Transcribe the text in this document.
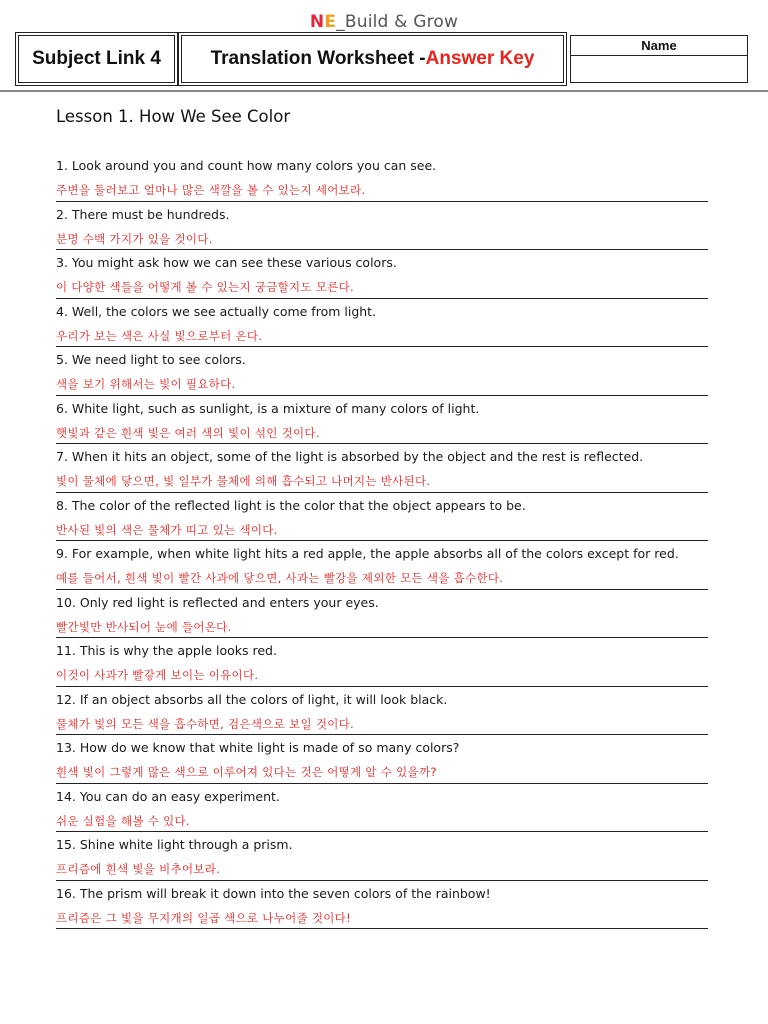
NE_Build & Grow
Subject Link 4	Translation Worksheet - Answer Key
Name
Lesson 1. How We See Color
1. Look around you and count how many colors you can see.
주변을 둘러보고 얼마나 많은 색깔을 볼 수 있는지 세어보라.
2. There must be hundreds.
분명 수백 가지가 있을 것이다.
3. You might ask how we can see these various colors.
이 다양한 색들을 어떻게 볼 수 있는지 궁금할지도 모른다.
4. Well, the colors we see actually come from light.
우리가 보는 색은 사실 빛으로부터 온다.
5. We need light to see colors.
색을 보기 위해서는 빛이 필요하다.
6. White light, such as sunlight, is a mixture of many colors of light.
햇빛과 같은 흰색 빛은 여러 색의 빛이 섞인 것이다.
7. When it hits an object, some of the light is absorbed by the object and the rest is reflected.
빛이 물체에 닿으면, 빛 일부가 물체에 의해 흡수되고 나머지는 반사된다.
8. The color of the reflected light is the color that the object appears to be.
반사된 빛의 색은 물체가 띠고 있는 색이다.
9. For example, when white light hits a red apple, the apple absorbs all of the colors except for red.
예를 들어서, 흰색 빛이 빨간 사과에 닿으면, 사과는 빨강을 제외한 모든 색을 흡수한다.
10. Only red light is reflected and enters your eyes.
빨간빛만 반사되어 눈에 들어온다.
11. This is why the apple looks red.
이것이 사과가 빨갛게 보이는 이유이다.
12. If an object absorbs all the colors of light, it will look black.
물체가 빛의 모든 색을 흡수하면, 검은색으로 보일 것이다.
13. How do we know that white light is made of so many colors?
흰색 빛이 그렇게 많은 색으로 이루어져 있다는 것은 어떻게 알 수 있을까?
14. You can do an easy experiment.
쉬운 실험을 해볼 수 있다.
15. Shine white light through a prism.
프리즘에 흰색 빛을 비추어보라.
16. The prism will break it down into the seven colors of the rainbow!
프리즘은 그 빛을 무지개의 일곱 색으로 나누어줄 것이다!
